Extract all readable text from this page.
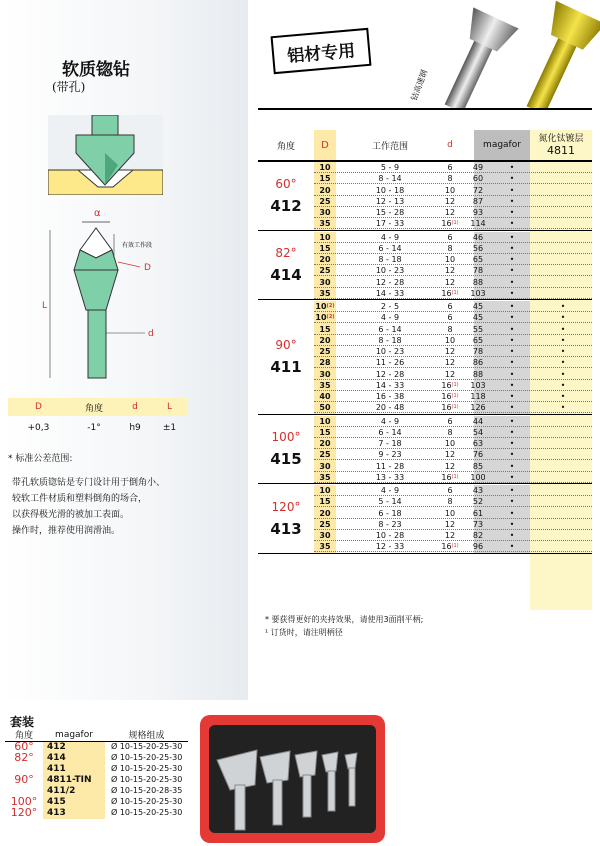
软质锪钻
(带孔)
α
有效工作段
D
L
d
D	角度	d	L
+0,3	-1°	h9	±1
* 标准公差范围:
带孔软质锪钻是专门设计用于倒角小、
较软工件材质和塑料倒角的场合，
以获得极光滑的被加工表面。
操作时，推荐使用润滑油。
铝材专用
钴高速钢
角度	D	工作范围	d	magafor
氮化钛镀层
4811
60°
412
10	5 - 9	6	49	•
15	8 - 14	8	60	•
20	10 - 18	10	72	•
25	12 - 13	12	87	•
30	15 - 28	12	93	•
35	17 - 33	16$^{(1)}$	114	•
82°
414
10	4 - 9	6	46	•
15	6 - 14	8	56	•
20	8 - 18	10	65	•
25	10 - 23	12	78	•
30	12 - 28	12	88	•
35	14 - 33	16$^{(1)}$	103	•
90°
411
10$^{(2)}$	2 - 5	6	45	•	•
10$^{(2)}$	4 - 9	6	45	•	•
15	6 - 14	8	55	•	•
20	8 - 18	10	65	•	•
25	10 - 23	12	78	•	•
28	11 - 26	12	86	•	•
30	12 - 28	12	88	•	•
35	14 - 33	16$^{(1)}$	103	•	•
40	16 - 38	16$^{(1)}$	118	•	•
50	20 - 48	16$^{(1)}$	126	•	•
100°
415
10	4 - 9	6	44	•
15	6 - 14	8	54	•
20	7 - 18	10	63	•
25	9 - 23	12	76	•
30	11 - 28	12	85	•
35	13 - 33	16$^{(1)}$	100	•
120°
413
10	4 - 9	6	43	•
15	5 - 14	8	52	•
20	6 - 18	10	61	•
25	8 - 23	12	73	•
30	10 - 28	12	82	•
35	12 - 33	16$^{(1)}$	96	•
* 要获得更好的夹持效果，请使用3面削平柄;
¹ 订货时，请注明柄径
套装
角度	magafor	规格组成
60°	412	Ø 10-15-20-25-30
82°	414	Ø 10-15-20-25-30
	411	Ø 10-15-20-25-30
90°	4811-TIN	Ø 10-15-20-25-30
	411/2	Ø 10-15-20-28-35
100°	415	Ø 10-15-20-25-30
120°	413	Ø 10-15-20-25-30
